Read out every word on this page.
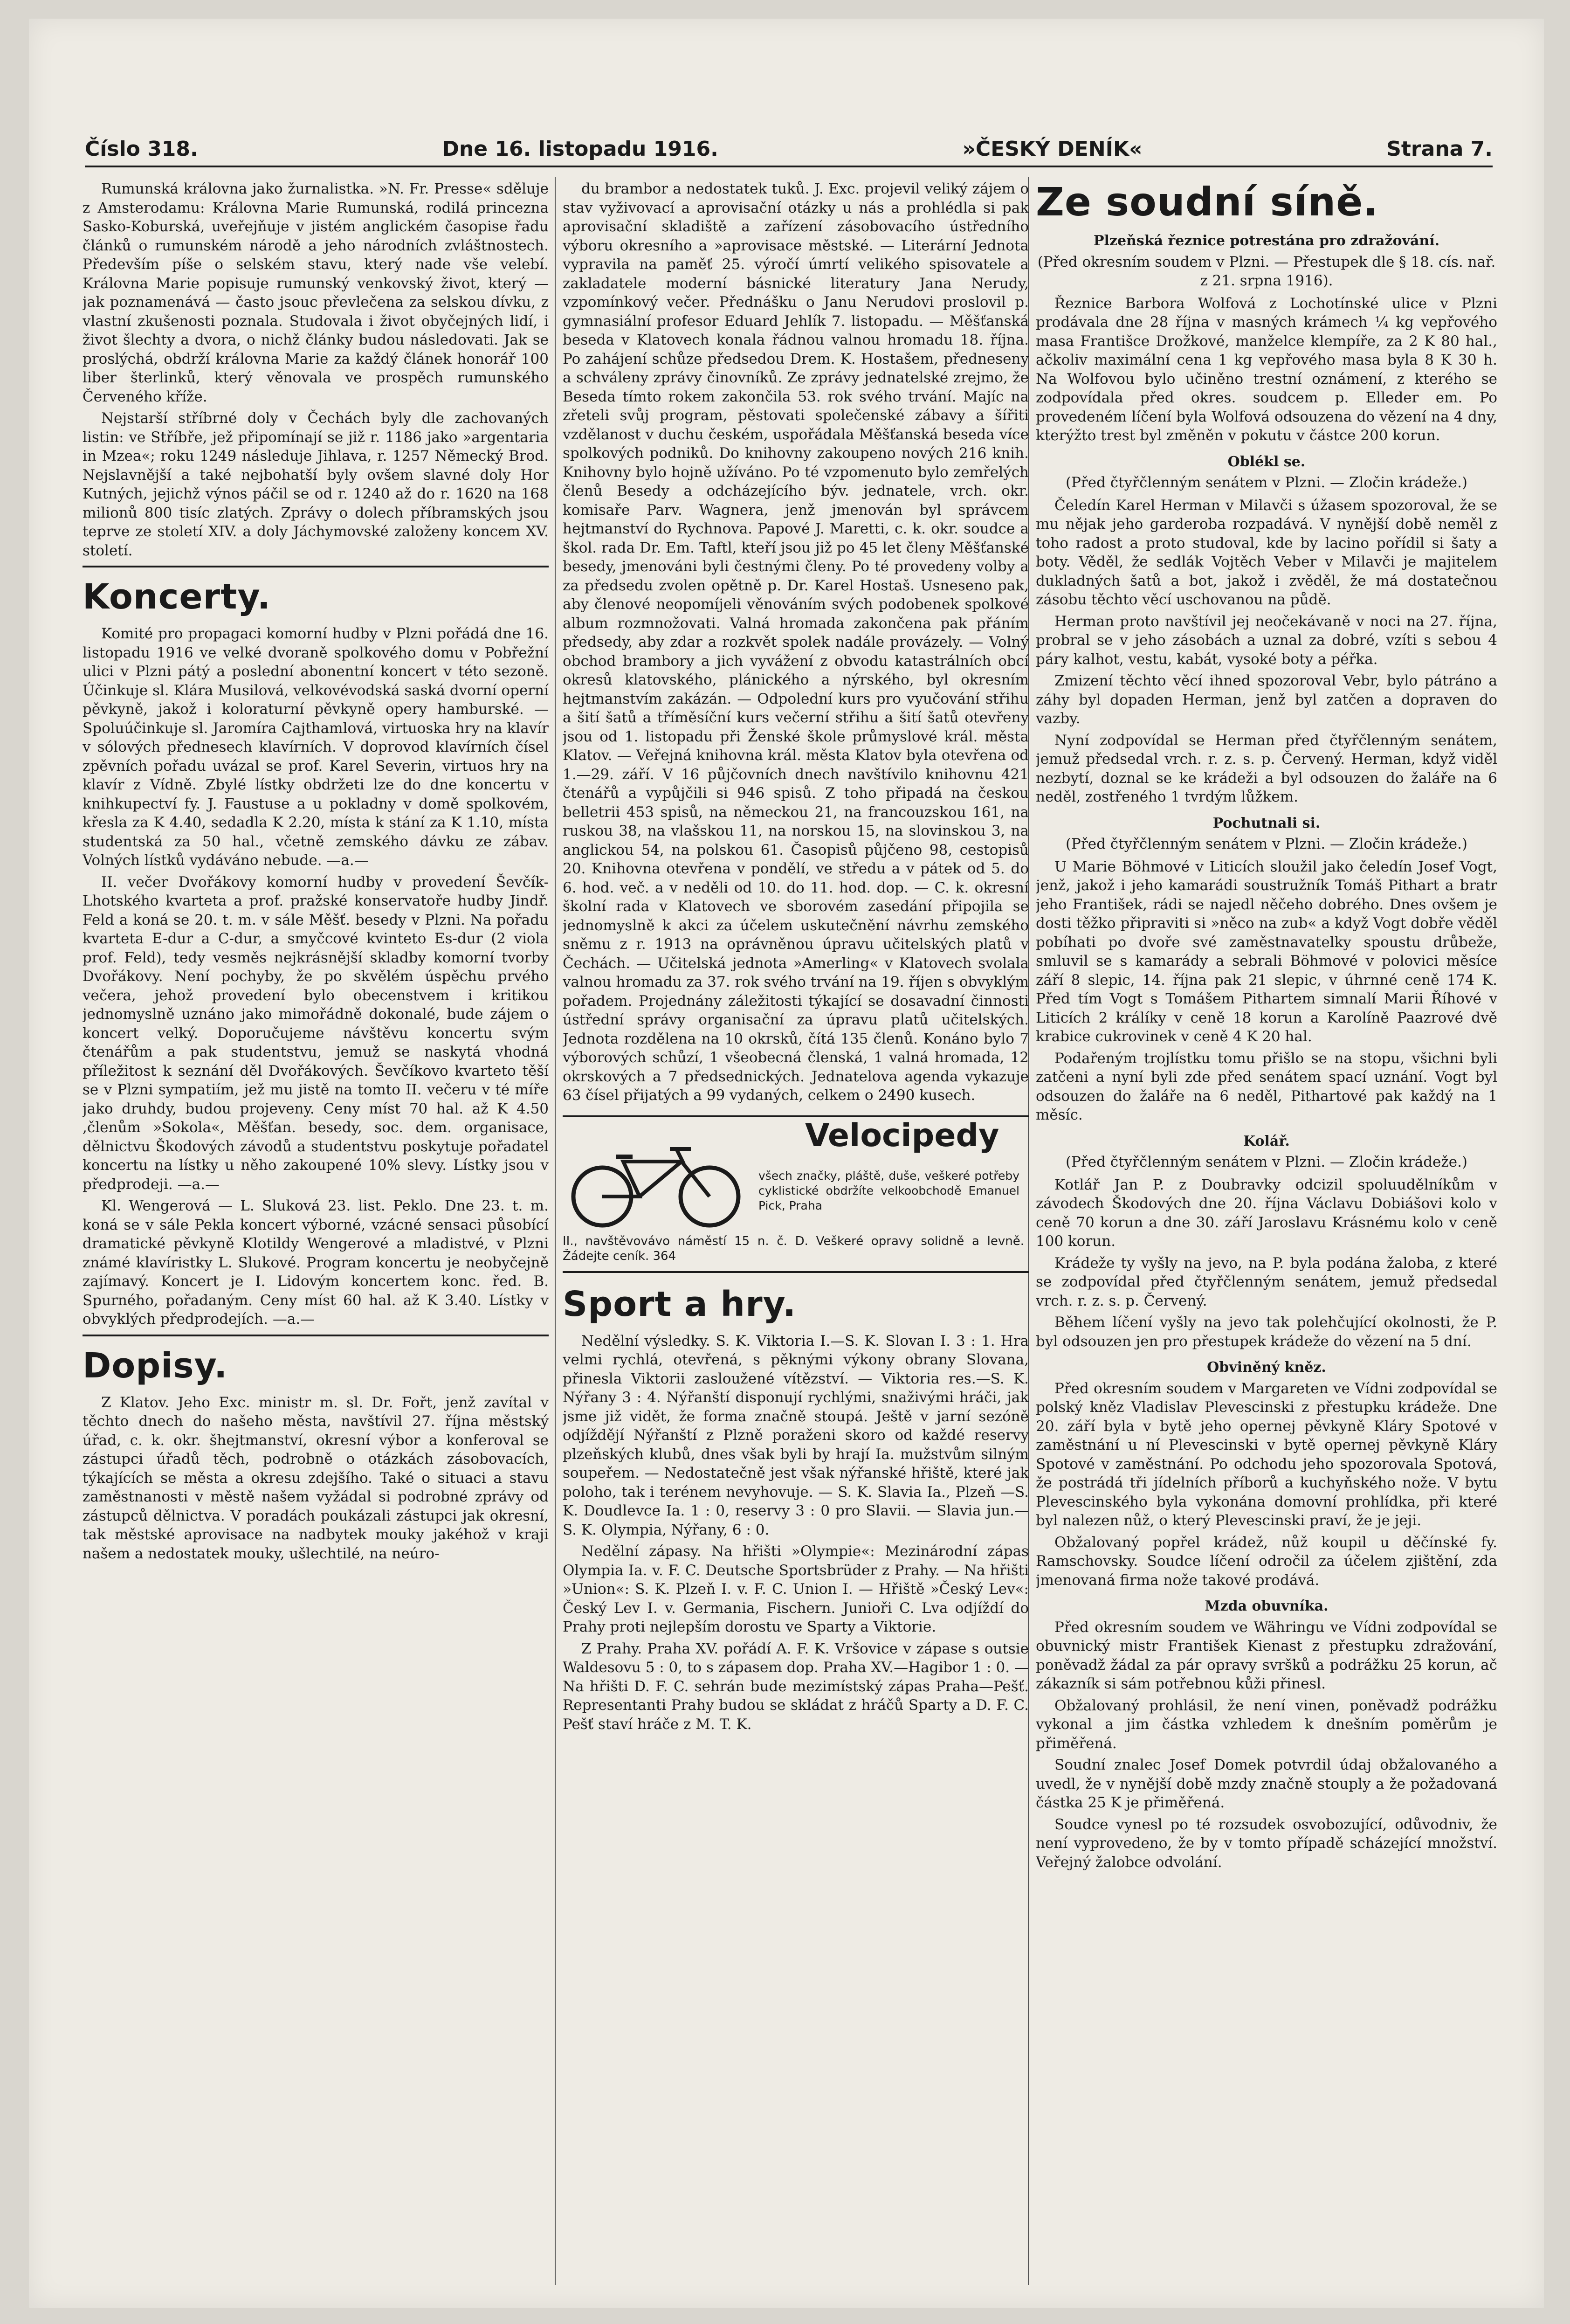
Číslo 318.	Dne 16. listopadu 1916.	»ČESKÝ DENÍK«	Strana 7.

Rumunská královna jako žurnalistka. »N. Fr. Presse« sděluje z Amsterodamu: Královna Marie Rumunská, rodilá princezna Sasko-Koburská, uveřejňuje v jistém anglickém časopise řadu článků o rumunském národě a jeho národních zvláštnostech. Především píše o selském stavu, který nade vše velebí. Královna Marie popisuje rumunský venkovský život, který — jak poznamenává — často jsouc převlečena za selskou dívku, z vlastní zkušenosti poznala. Studovala i život obyčejných lidí, i život šlechty a dvora, o nichž články budou následovati. Jak se proslýchá, obdrží královna Marie za každý článek honorář 100 liber šterlinků, který věnovala ve prospěch rumunského Červeného kříže.

Nejstarší stříbrné doly v Čechách byly dle zachovaných listin: ve Stříbře, jež připomínají se již r. 1186 jako »argentaria in Mzea«; roku 1249 následuje Jihlava, r. 1257 Německý Brod. Nejslavnější a také nejbohatší byly ovšem slavné doly Hor Kutných, jejichž výnos páčil se od r. 1240 až do r. 1620 na 168 milionů 800 tisíc zlatých. Zprávy o dolech příbramských jsou teprve ze století XIV. a doly Jáchymovské založeny koncem XV. století.

Koncerty.

Komité pro propagaci komorní hudby v Plzni pořádá dne 16. listopadu 1916 ve velké dvoraně spolkového domu v Pobřežní ulici v Plzni pátý a poslední abonentní koncert v této sezoně. Účinkuje sl. Klára Musilová, velkovévodská saská dvorní operní pěvkyně, jakož i koloraturní pěvkyně opery hamburské. — Spoluúčinkuje sl. Jaromíra Cajthamlová, virtuoska hry na klavír v sólových přednesech klavírních. V doprovod klavírních čísel zpěvních pořadu uvázal se prof. Karel Severin, virtuos hry na klavír z Vídně. Zbylé lístky obdržeti lze do dne koncertu v knihkupectví fy. J. Faustuse a u pokladny v domě spolkovém, křesla za K 4.40, sedadla K 2.20, místa k stání za K 1.10, místa studentská za 50 hal., včetně zemského dávku ze zábav. Volných lístků vydáváno nebude. —a.—

II. večer Dvořákovy komorní hudby v provedení Ševčík-Lhotského kvarteta a prof. pražské konservatoře hudby Jindř. Feld a koná se 20. t. m. v sále Měšť. besedy v Plzni. Na pořadu kvarteta E-dur a C-dur, a smyčcové kvinteto Es-dur (2 viola prof. Feld), tedy vesměs nejkrásnější skladby komorní tvorby Dvořákovy. Není pochyby, že po skvělém úspěchu prvého večera, jehož provedení bylo obecenstvem i kritikou jednomyslně uznáno jako mimořádně dokonalé, bude zájem o koncert velký. Doporučujeme návštěvu koncertu svým čtenářům a pak studentstvu, jemuž se naskytá vhodná příležitost k seznání děl Dvořákových. Ševčíkovo kvarteto těší se v Plzni sympatiím, jež mu jistě na tomto II. večeru v té míře jako druhdy, budou projeveny. Ceny míst 70 hal. až K 4.50 ,členům »Sokola«, Měšťan. besedy, soc. dem. organisace, dělnictvu Škodových závodů a studentstvu poskytuje pořadatel koncertu na lístky u něho zakoupené 10% slevy. Lístky jsou v předprodeji. —a.—

Kl. Wengerová — L. Sluková 23. list. Peklo. Dne 23. t. m. koná se v sále Pekla koncert výborné, vzácné sensaci působící dramatické pěvkyně Klotildy Wengerové a mladistvé, v Plzni známé klavíristky L. Slukové. Program koncertu je neobyčejně zajímavý. Koncert je I. Lidovým koncertem konc. řed. B. Spurného, pořadaným. Ceny míst 60 hal. až K 3.40. Lístky v obvyklých předprodejích. —a.—

Dopisy.

Z Klatov. Jeho Exc. ministr m. sl. Dr. Fořt, jenž zavítal v těchto dnech do našeho města, navštívil 27. října městský úřad, c. k. okr. šhejtmanství, okresní výbor a konferoval se zástupci úřadů těch, podrobně o otázkách zásobovacích, týkajících se města a okresu zdejšího. Také o situaci a stavu zaměstnanosti v městě našem vyžádal si podrobné zprávy od zástupců dělnictva. V poradách poukázali zástupci jak okresní, tak městské aprovisace na nadbytek mouky jakéhož v kraji našem a nedostatek mouky, ušlechtilé, na neúro-

du brambor a nedostatek tuků. J. Exc. projevil veliký zájem o stav vyživovací a aprovisační otázky u nás a prohlédla si pak aprovisační skladiště a zařízení zásobovacího ústředního výboru okresního a »aprovisace městské. — Literární Jednota vypravila na paměť 25. výročí úmrtí velikého spisovatele a zakladatele moderní básnické literatury Jana Nerudy, vzpomínkový večer. Přednášku o Janu Nerudovi proslovil p. gymnasiální profesor Eduard Jehlík 7. listopadu. — Měšťanská beseda v Klatovech konala řádnou valnou hromadu 18. října. Po zahájení schůze předsedou Drem. K. Hostašem, předneseny a schváleny zprávy činovníků. Ze zprávy jednatelské zrejmo, že Beseda tímto rokem zakončila 53. rok svého trvání. Majíc na zřeteli svůj program, pěstovati společenské zábavy a šířiti vzdělanost v duchu českém, uspořádala Měšťanská beseda více spolkových podniků. Do knihovny zakoupeno nových 216 knih. Knihovny bylo hojně užíváno. Po té vzpomenuto bylo zemřelých členů Besedy a odcházejícího býv. jednatele, vrch. okr. komisaře Parv. Wagnera, jenž jmenován byl správcem hejtmanství do Rychnova. Papové J. Maretti, c. k. okr. soudce a škol. rada Dr. Em. Taftl, kteří jsou již po 45 let členy Měšťanské besedy, jmenováni byli čestnými členy. Po té provedeny volby a za předsedu zvolen opětně p. Dr. Karel Hostaš. Usneseno pak, aby členové neopomíjeli věnováním svých podobenek spolkové album rozmnožovati. Valná hromada zakončena pak přáním předsedy, aby zdar a rozkvět spolek nadále provázely. — Volný obchod brambory a jich vyvážení z obvodu katastrálních obcí okresů klatovského, plánického a nýrského, byl okresním hejtmanstvím zakázán. — Odpolední kurs pro vyučování střihu a šití šatů a tříměsíční kurs večerní střihu a šití šatů otevřeny jsou od 1. listopadu při Ženské škole průmyslové král. města Klatov. — Veřejná knihovna král. města Klatov byla otevřena od 1.—29. září. V 16 půjčovních dnech navštívilo knihovnu 421 čtenářů a vypůjčili si 946 spisů. Z toho připadá na českou belletrii 453 spisů, na německou 21, na francouzskou 161, na ruskou 38, na vlašskou 11, na norskou 15, na slovinskou 3, na anglickou 54, na polskou 61. Časopisů půjčeno 98, cestopisů 20. Knihovna otevřena v pondělí, ve středu a v pátek od 5. do 6. hod. več. a v neděli od 10. do 11. hod. dop. — C. k. okresní školní rada v Klatovech ve sborovém zasedání připojila se jednomyslně k akci za účelem uskutečnění návrhu zemského sněmu z r. 1913 na oprávněnou úpravu učitelských platů v Čechách. — Učitelská jednota »Amerling« v Klatovech svolala valnou hromadu za 37. rok svého trvání na 19. říjen s obvyklým pořadem. Projednány záležitosti týkající se dosavadní činnosti ústřední správy organisační za úpravu platů učitelských. Jednota rozdělena na 10 okrsků, čítá 135 členů. Konáno bylo 7 výborových schůzí, 1 všeobecná členská, 1 valná hromada, 12 okrskových a 7 předsednických. Jednatelova agenda vykazuje 63 čísel přijatých a 99 vydaných, celkem o 2490 kusech.

Velocipedy
všech značky, pláště, duše, veškeré potřeby cyklistické obdržíte velkoobchodě Emanuel Pick, Praha
II., navštěvovávo náměstí 15 n. č. D. Veškeré opravy solidně a levně. Žádejte ceník. 364
Sport a hry.

Nedělní výsledky. S. K. Viktoria I.—S. K. Slovan I. 3 : 1. Hra velmi rychlá, otevřená, s pěknými výkony obrany Slovana, přinesla Viktorii zasloužené vítězství. — Viktoria res.—S. K. Nýřany 3 : 4. Nýřanští disponují rychlými, snaživými hráči, jak jsme již vidět, že forma značně stoupá. Ještě v jarní sezóně odjíždějí Nýřanští z Plzně poraženi skoro od každé reservy plzeňských klubů, dnes však byli by hrají Ia. mužstvům silným soupeřem. — Nedostatečně jest však nýřanské hřiště, které jak poloho, tak i terénem nevyhovuje. — S. K. Slavia Ia., Plzeň —S. K. Doudlevce Ia. 1 : 0, reservy 3 : 0 pro Slavii. — Slavia jun.—S. K. Olympia, Nýřany, 6 : 0.

Nedělní zápasy. Na hřišti »Olympie«: Mezinárodní zápas Olympia Ia. v. F. C. Deutsche Sportsbrüder z Prahy. — Na hřišti »Union«: S. K. Plzeň I. v. F. C. Union I. — Hřiště »Český Lev«: Český Lev I. v. Germania, Fischern. Junioři C. Lva odjíždí do Prahy proti nejlepším dorostu ve Sparty a Viktorie.

Z Prahy. Praha XV. pořádí A. F. K. Vršovice v zápase s outsie Waldesovu 5 : 0, to s zápasem dop. Praha XV.—Hagibor 1 : 0. — Na hřišti D. F. C. sehrán bude mezimístský zápas Praha—Pešť. Representanti Prahy budou se skládat z hráčů Sparty a D. F. C. Pešť staví hráče z M. T. K.

Ze soudní síně.
Plzeňská řeznice potrestána pro zdražování.
(Před okresním soudem v Plzni. — Přestupek dle § 18. cís. nař. z 21. srpna 1916).

Řeznice Barbora Wolfová z Lochotínské ulice v Plzni prodávala dne 28 října v masných krámech ¼ kg vepřového masa Františce Drožkové, manželce klempíře, za 2 K 80 hal., ačkoliv maximální cena 1 kg vepřového masa byla 8 K 30 h. Na Wolfovou bylo učiněno trestní oznámení, z kterého se zodpovídala před okres. soudcem p. Elleder em. Po provedeném líčení byla Wolfová odsouzena do vězení na 4 dny, kterýžto trest byl změněn v pokutu v částce 200 korun.

Oblékl se.
(Před čtyřčlenným senátem v Plzni. — Zločin krádeže.)

Čeledín Karel Herman v Milavči s úžasem spozoroval, že se mu nějak jeho garderoba rozpadává. V nynější době neměl z toho radost a proto studoval, kde by lacino pořídil si šaty a boty. Věděl, že sedlák Vojtěch Veber v Milavči je majitelem dukladných šatů a bot, jakož i zvěděl, že má dostatečnou zásobu těchto věcí uschovanou na půdě.

Herman proto navštívil jej neočekávaně v noci na 27. října, probral se v jeho zásobách a uznal za dobré, vzíti s sebou 4 páry kalhot, vestu, kabát, vysoké boty a péřka.

Zmizení těchto věcí ihned spozoroval Vebr, bylo pátráno a záhy byl dopaden Herman, jenž byl zatčen a dopraven do vazby.

Nyní zodpovídal se Herman před čtyřčlenným senátem, jemuž předsedal vrch. r. z. s. p. Červený. Herman, když viděl nezbytí, doznal se ke krádeži a byl odsouzen do žaláře na 6 neděl, zostřeného 1 tvrdým lůžkem.

Pochutnali si.
(Před čtyřčlenným senátem v Plzni. — Zločin krádeže.)

U Marie Böhmové v Liticích sloužil jako čeledín Josef Vogt, jenž, jakož i jeho kamarádi soustružník Tomáš Pithart a bratr jeho František, rádi se najedl něčeho dobrého. Dnes ovšem je dosti těžko připraviti si »něco na zub« a když Vogt dobře věděl pobíhati po dvoře své zaměstnavatelky spoustu drůbeže, smluvil se s kamarády a sebrali Böhmové v polovici měsíce září 8 slepic, 14. října pak 21 slepic, v úhrnné ceně 174 K. Před tím Vogt s Tomášem Pithartem simnalí Marii Říhové v Liticích 2 králíky v ceně 18 korun a Karolíně Paazrové dvě krabice cukrovinek v ceně 4 K 20 hal.

Podařeným trojlístku tomu přišlo se na stopu, všichni byli zatčeni a nyní byli zde před senátem spací uznání. Vogt byl odsouzen do žaláře na 6 neděl, Pithartové pak každý na 1 měsíc.

Kolář.
(Před čtyřčlenným senátem v Plzni. — Zločin krádeže.)

Kotlář Jan P. z Doubravky odcizil spoluudělníkům v závodech Škodových dne 20. října Václavu Dobiášovi kolo v ceně 70 korun a dne 30. září Jaroslavu Krásnému kolo v ceně 100 korun.

Krádeže ty vyšly na jevo, na P. byla podána žaloba, z které se zodpovídal před čtyřčlenným senátem, jemuž předsedal vrch. r. z. s. p. Červený.

Během líčení vyšly na jevo tak polehčující okolnosti, že P. byl odsouzen jen pro přestupek krádeže do vězení na 5 dní.

Obviněný kněz.

Před okresním soudem v Margareten ve Vídni zodpovídal se polský kněz Vladislav Plevescinski z přestupku krádeže. Dne 20. září byla v bytě jeho opernej pěvkyně Kláry Spotové v zaměstnání u ní Plevescinski v bytě opernej pěvkyně Kláry Spotové v zaměstnání. Po odchodu jeho spozorovala Spotová, že postrádá tři jídelních příborů a kuchyňského nože. V bytu Plevescinského byla vykonána domovní prohlídka, při které byl nalezen nůž, o který Plevescinski praví, že je jeji.

Obžalovaný popřel krádež, nůž koupil u děčínské fy. Ramschovsky. Soudce líčení odročil za účelem zjištění, zda jmenovaná firma nože takové prodává.

Mzda obuvníka.

Před okresním soudem ve Währingu ve Vídni zodpovídal se obuvnický mistr František Kienast z přestupku zdražování, poněvadž žádal za pár opravy svršků a podrážku 25 korun, ač zákazník si sám potřebnou kůži přinesl.

Obžalovaný prohlásil, že není vinen, poněvadž podrážku vykonal a jim částka vzhledem k dnešním poměrům je přiměřená.

Soudní znalec Josef Domek potvrdil údaj obžalovaného a uvedl, že v nynější době mzdy značně stouply a že požadovaná částka 25 K je přiměřená.

Soudce vynesl po té rozsudek osvobozující, odůvodniv, že není vyprovedeno, že by v tomto případě scházející množství. Veřejný žalobce odvolání.
